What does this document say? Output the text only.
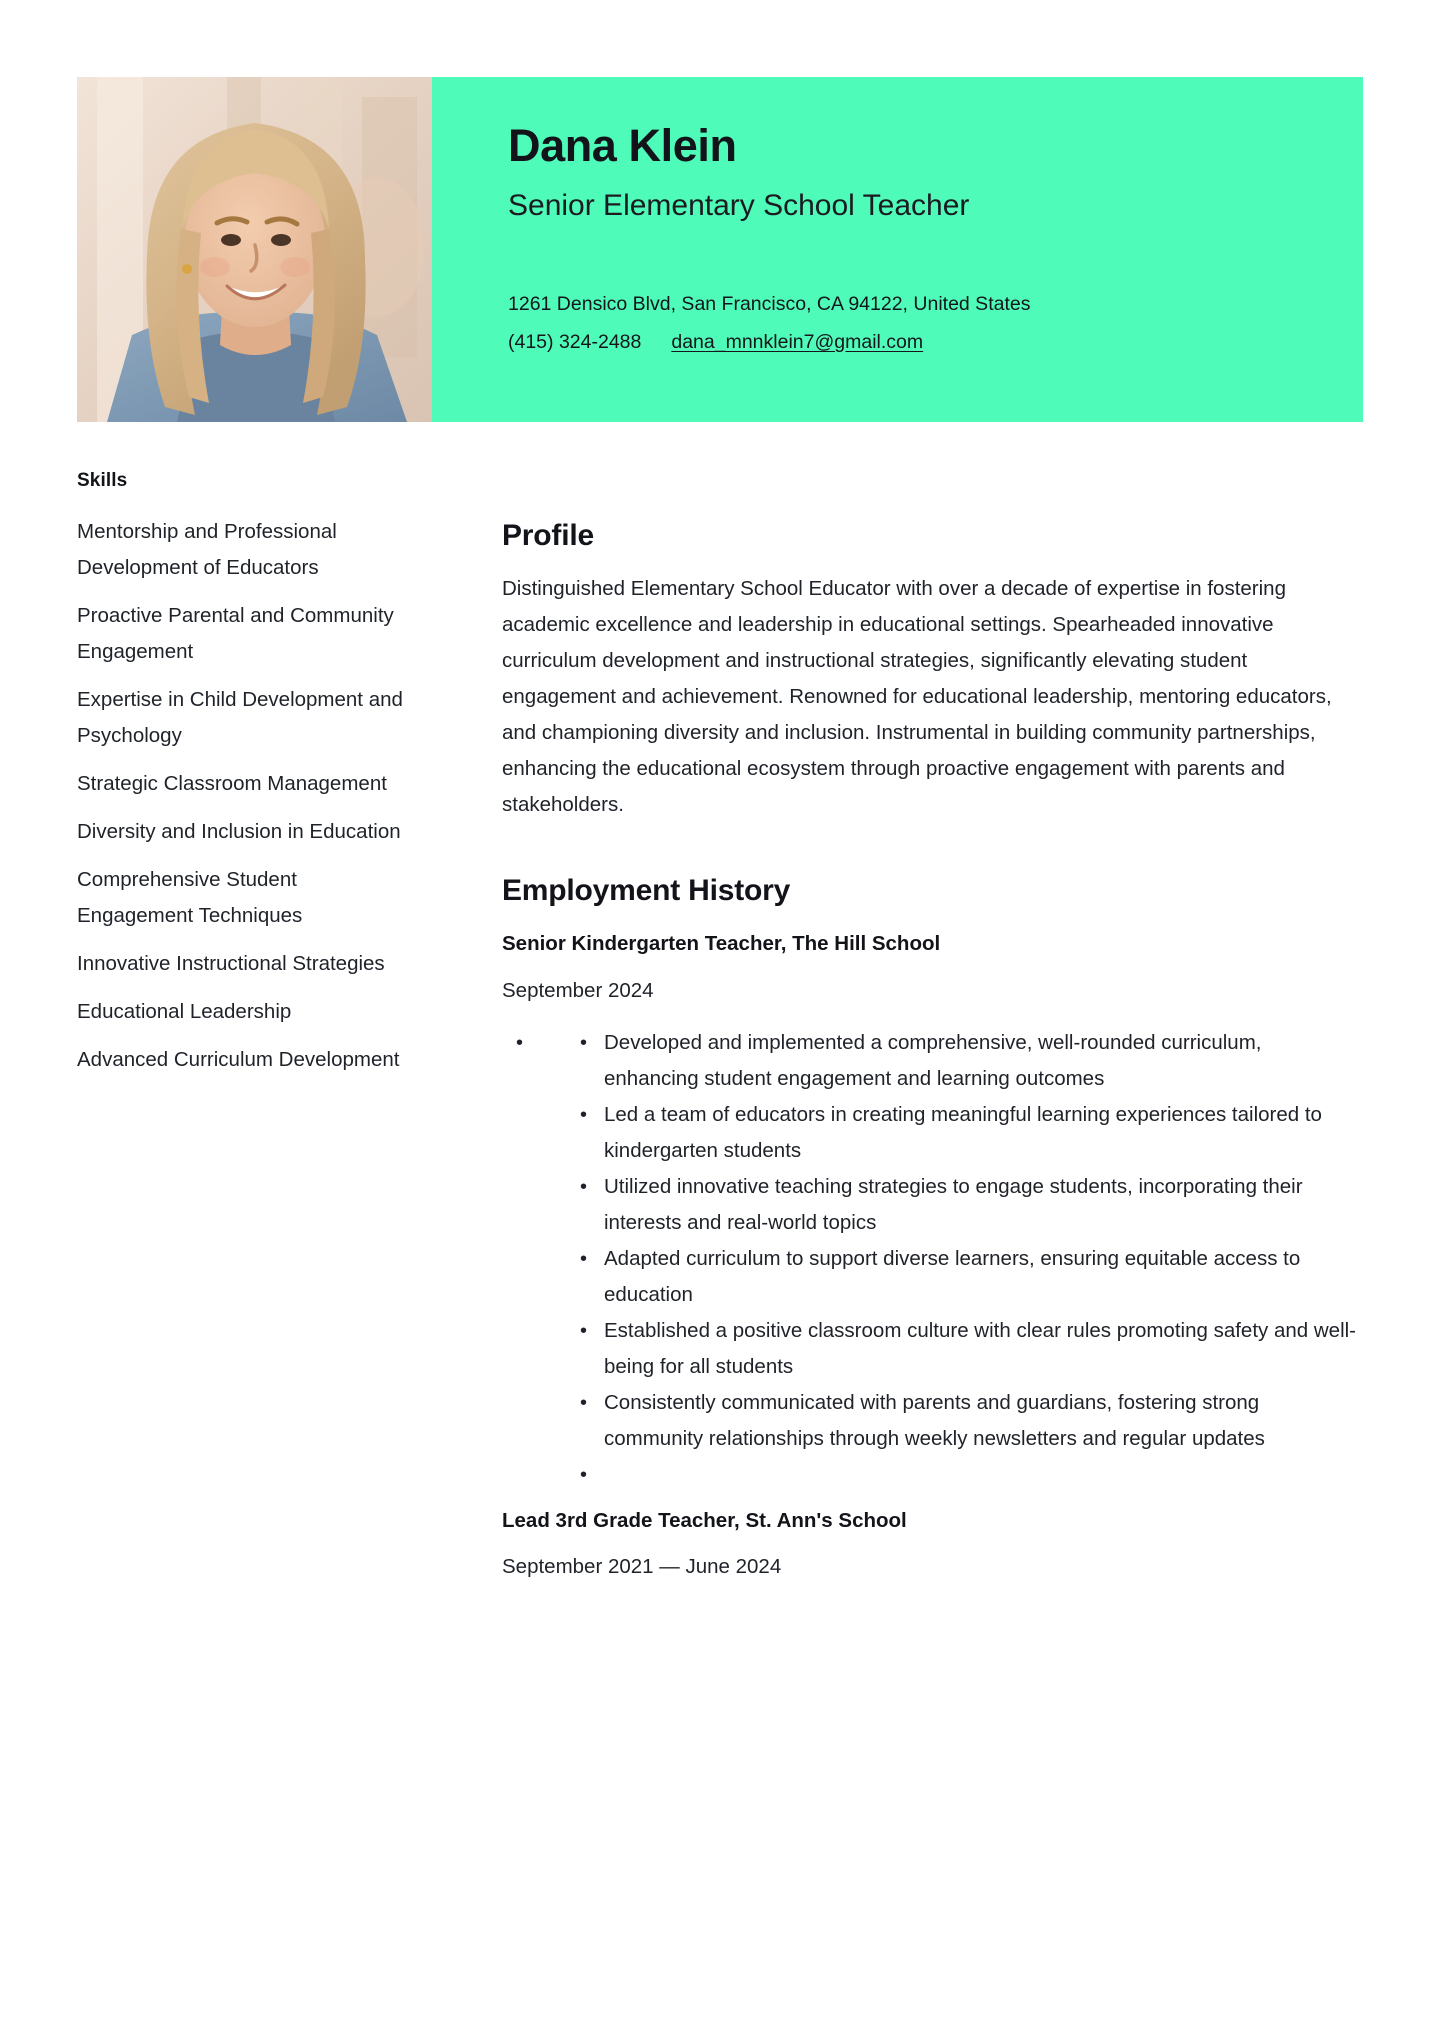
Dana Klein
Senior Elementary School Teacher
1261 Densico Blvd, San Francisco, CA 94122, United States
(415) 324-2488 dana_mnnklein7@gmail.com
Skills
Mentorship and Professional Development of Educators
Proactive Parental and Community Engagement
Expertise in Child Development and Psychology
Strategic Classroom Management
Diversity and Inclusion in Education
Comprehensive Student Engagement Techniques
Innovative Instructional Strategies
Educational Leadership
Advanced Curriculum Development
Profile
Distinguished Elementary School Educator with over a decade of expertise in fostering academic excellence and leadership in educational settings. Spearheaded innovative curriculum development and instructional strategies, significantly elevating student engagement and achievement. Renowned for educational leadership, mentoring educators, and championing diversity and inclusion. Instrumental in building community partnerships, enhancing the educational ecosystem through proactive engagement with parents and stakeholders.
Employment History
Senior Kindergarten Teacher, The Hill School
September 2024
• • Developed and implemented a comprehensive, well-rounded curriculum, enhancing student engagement and learning outcomes
• Led a team of educators in creating meaningful learning experiences tailored to kindergarten students
• Utilized innovative teaching strategies to engage students, incorporating their interests and real-world topics
• Adapted curriculum to support diverse learners, ensuring equitable access to education
• Established a positive classroom culture with clear rules promoting safety and well-being for all students
• Consistently communicated with parents and guardians, fostering strong community relationships through weekly newsletters and regular updates
•
Lead 3rd Grade Teacher, St. Ann's School
September 2021 — June 2024
